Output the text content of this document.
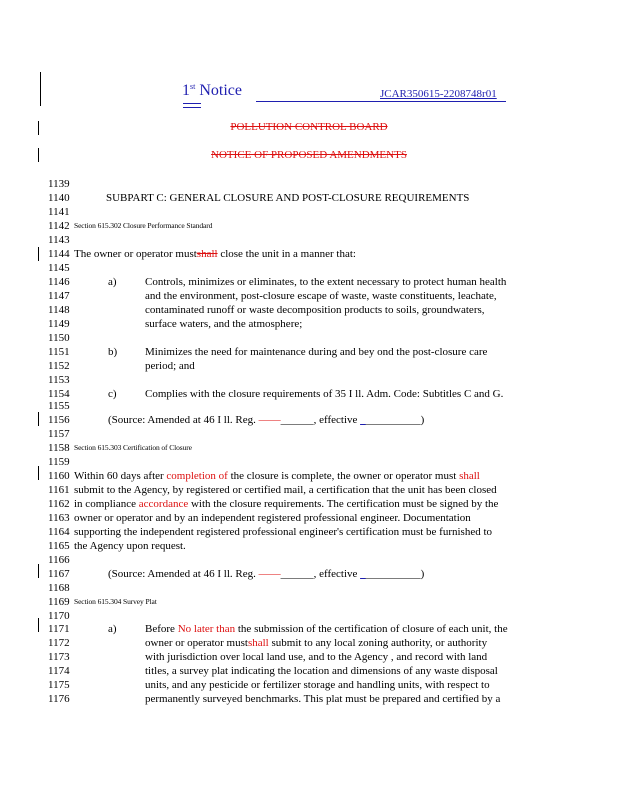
1st Notice	JCAR350615-2208748r01
POLLUTION CONTROL BOARD
NOTICE OF PROPOSED AMENDMENTS
1139
1140	SUBPART C: GENERAL CLOSURE AND POST-CLOSURE REQUIREMENTS
1141
1142 Section 615.302 Closure Performance Standard
1143
1144 The owner or operator mustshall close the unit in a manner that:
1145
1146	a)	Controls, minimizes or eliminates, to the extent necessary to protect human health
1147	and the environment, post-closure escape of waste, waste constituents, leachate,
1148	contaminated runoff or waste decomposition products to soils, groundwaters,
1149	surface waters, and the atmosphere;
1150
1151	b)	Minimizes the need for maintenance during and bey ond the post-closure care
1152	period; and
1153
1154	c)	Complies with the closure requirements of 35 I ll. Adm. Code: Subtitles C and G.
1155
1156	(Source: Amended at 46 I ll. Reg. ——______, effective ___________)
1157
1158 Section 615.303 Certification of Closure
1159
1160 Within 60 days after completion of the closure is complete, the owner or operator must shall
1161 submit to the Agency, by registered or certified mail, a certification that the unit has been closed
1162 in compliance accordance with the closure requirements. The certification must be signed by the
1163 owner or operator and by an independent registered professional engineer. Documentation
1164 supporting the independent registered professional engineer's certification must be furnished to
1165 the Agency upon request.
1166
1167	(Source: Amended at 46 I ll. Reg. ——______, effective ___________)
1168
1169 Section 615.304 Survey Plat
1170
1171	a)	Before No later than the submission of the certification of closure of each unit, the
1172	owner or operator mustshall submit to any local zoning authority, or authority
1173	with jurisdiction over local land use, and to the Agency , and record with land
1174	titles, a survey plat indicating the location and dimensions of any waste disposal
1175	units, and any pesticide or fertilizer storage and handling units, with respect to
1176	permanently surveyed benchmarks. This plat must be prepared and certified by a
